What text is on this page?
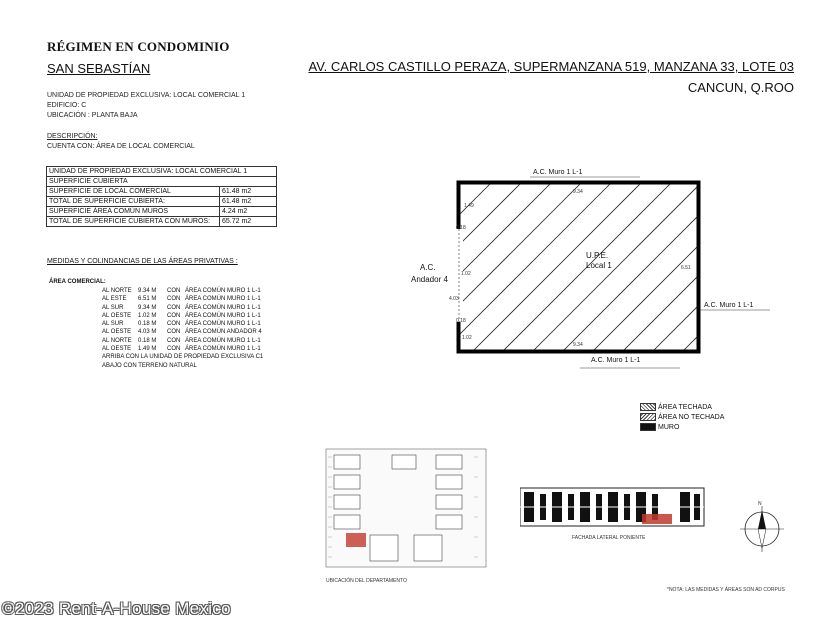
RÉGIMEN EN CONDOMINIO
SAN SEBASTÍAN	AV. CARLOS CASTILLO PERAZA, SUPERMANZANA 519, MANZANA 33, LOTE 03
CANCUN, Q.ROO
UNIDAD DE PROPIEDAD EXCLUSIVA: LOCAL COMERCIAL 1
EDIFICIO: C
UBICACIÓN : PLANTA BAJA
DESCRIPCIÓN:
CUENTA CON: ÁREA DE LOCAL COMERCIAL
UNIDAD DE PROPIEDAD EXCLUSIVA: LOCAL COMERCIAL 1	
SUPERFICIE CUBIERTA	
SUPERFICIE DE LOCAL COMERCIAL	61.48 m2
TOTAL DE SUPERFICIE CUBIERTA:	61.48 m2
SUPERFICIE ÁREA COMÚN MUROS	4.24 m2
TOTAL DE SUPERFICIE CUBIERTA CON MUROS:	65.72 m2
MEDIDAS Y COLINDANCIAS DE LAS ÁREAS PRIVATIVAS :
ÁREA COMERCIAL:
AL NORTE 9.34 M CON ÁREA COMÚN MURO 1 L-1
AL ESTE 6.51 M CON ÁREA COMÚN MURO 1 L-1
AL SUR 9.34 M CON ÁREA COMÚN MURO 1 L-1
AL OESTE 1.02 M CON ÁREA COMÚN MURO 1 L-1
AL SUR 0.18 M CON ÁREA COMÚN MURO 1 L-1
AL OESTE 4.03 M CON ÁREA COMÚN ANDADOR 4
AL NORTE 0.18 M CON ÁREA COMÚN MURO 1 L-1
AL OESTE 1.49 M CON ÁREA COMÚN MURO 1 L-1
ARRIBA CON LA UNIDAD DE PROPIEDAD EXCLUSIVA C1
ABAJO CON TERRENO NATURAL
A.C. Muro 1 L-1
A.C. Muro 1 L-1
A.C. Muro 1 L-1
A.C.
Andador 4
U.P.E.
Local 1
9.34
9.34
6.51
1.49
0.18
4.03
1.02
0.18
1.02
ÁREA TECHADA
ÁREA NO TECHADA
MURO
UBICACIÓN DEL DEPARTAMENTO
FACHADA LATERAL PONIENTE
N
*NOTA: LAS MEDIDAS Y ÁREAS SON AD CORPUS
©2023 Rent-A-House Mexico
